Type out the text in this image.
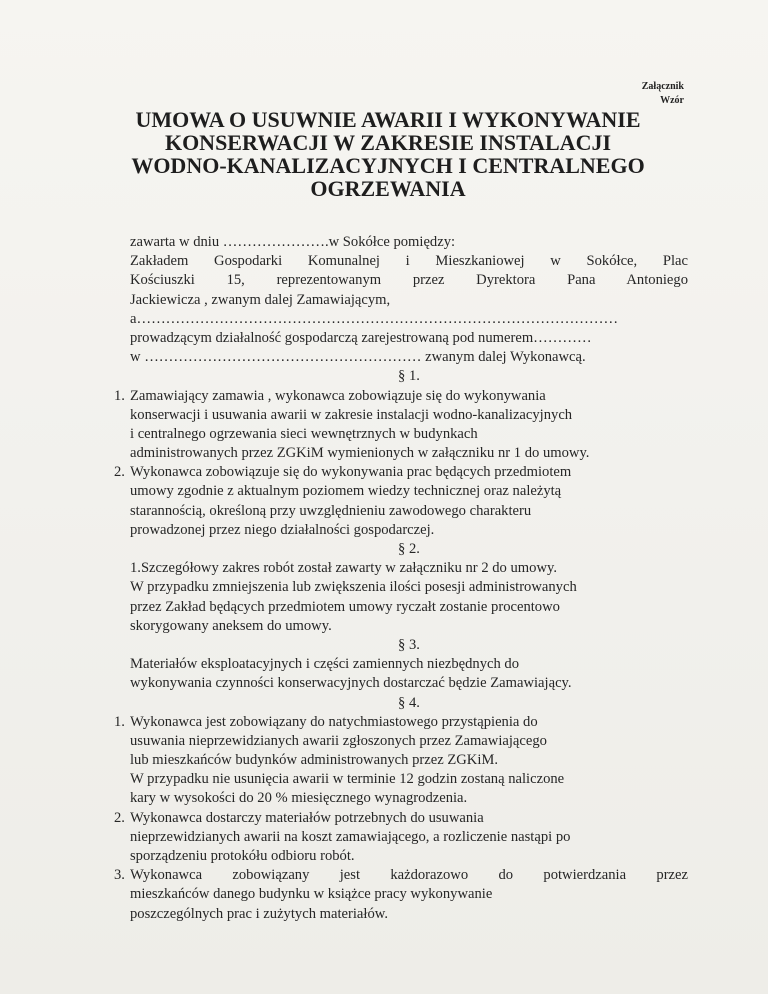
Załącznik
Wzór
UMOWA O USUWNIE AWARII I WYKONYWANIE
KONSERWACJI W ZAKRESIE INSTALACJI
WODNO-KANALIZACYJNYCH I CENTRALNEGO
OGRZEWANIA
zawarta w dniu ………………….w Sokółce pomiędzy:
Zakładem Gospodarki Komunalnej i Mieszkaniowej w Sokółce, Plac
Kościuszki 15, reprezentowanym przez Dyrektora Pana Antoniego
Jackiewicza , zwanym dalej Zamawiającym,
a………………………………………………………………………………………
prowadzącym działalność gospodarczą zarejestrowaną pod numerem…………
w ………………………………………………… zwanym dalej Wykonawcą.
§ 1.
1. Zamawiający zamawia , wykonawca zobowiązuje się do wykonywania
konserwacji i usuwania awarii w zakresie instalacji wodno-kanalizacyjnych
i centralnego ogrzewania sieci wewnętrznych w budynkach
administrowanych przez ZGKiM wymienionych w załączniku nr 1 do umowy.
2. Wykonawca zobowiązuje się do wykonywania prac będących przedmiotem
umowy zgodnie z aktualnym poziomem wiedzy technicznej oraz należytą
starannością, określoną przy uwzględnieniu zawodowego charakteru
prowadzonej przez niego działalności gospodarczej.
§ 2.
1.Szczegółowy zakres robót został zawarty w załączniku nr 2 do umowy.
W przypadku zmniejszenia lub zwiększenia ilości posesji administrowanych
przez Zakład będących przedmiotem umowy ryczałt zostanie procentowo
skorygowany aneksem do umowy.
§ 3.
Materiałów eksploatacyjnych i części zamiennych niezbędnych do
wykonywania czynności konserwacyjnych dostarczać będzie Zamawiający.
§ 4.
1. Wykonawca jest zobowiązany do natychmiastowego przystąpienia do
usuwania nieprzewidzianych awarii zgłoszonych przez Zamawiającego
lub mieszkańców budynków administrowanych przez ZGKiM.
W przypadku nie usunięcia awarii w terminie 12 godzin zostaną naliczone
kary w wysokości do 20 % miesięcznego wynagrodzenia.
2. Wykonawca dostarczy materiałów potrzebnych do usuwania
nieprzewidzianych awarii na koszt zamawiającego, a rozliczenie nastąpi po
sporządzeniu protokółu odbioru robót.
3. Wykonawca zobowiązany jest każdorazowo do potwierdzania przez
mieszkańców danego budynku w książce pracy wykonywanie
poszczególnych prac i zużytych materiałów.
